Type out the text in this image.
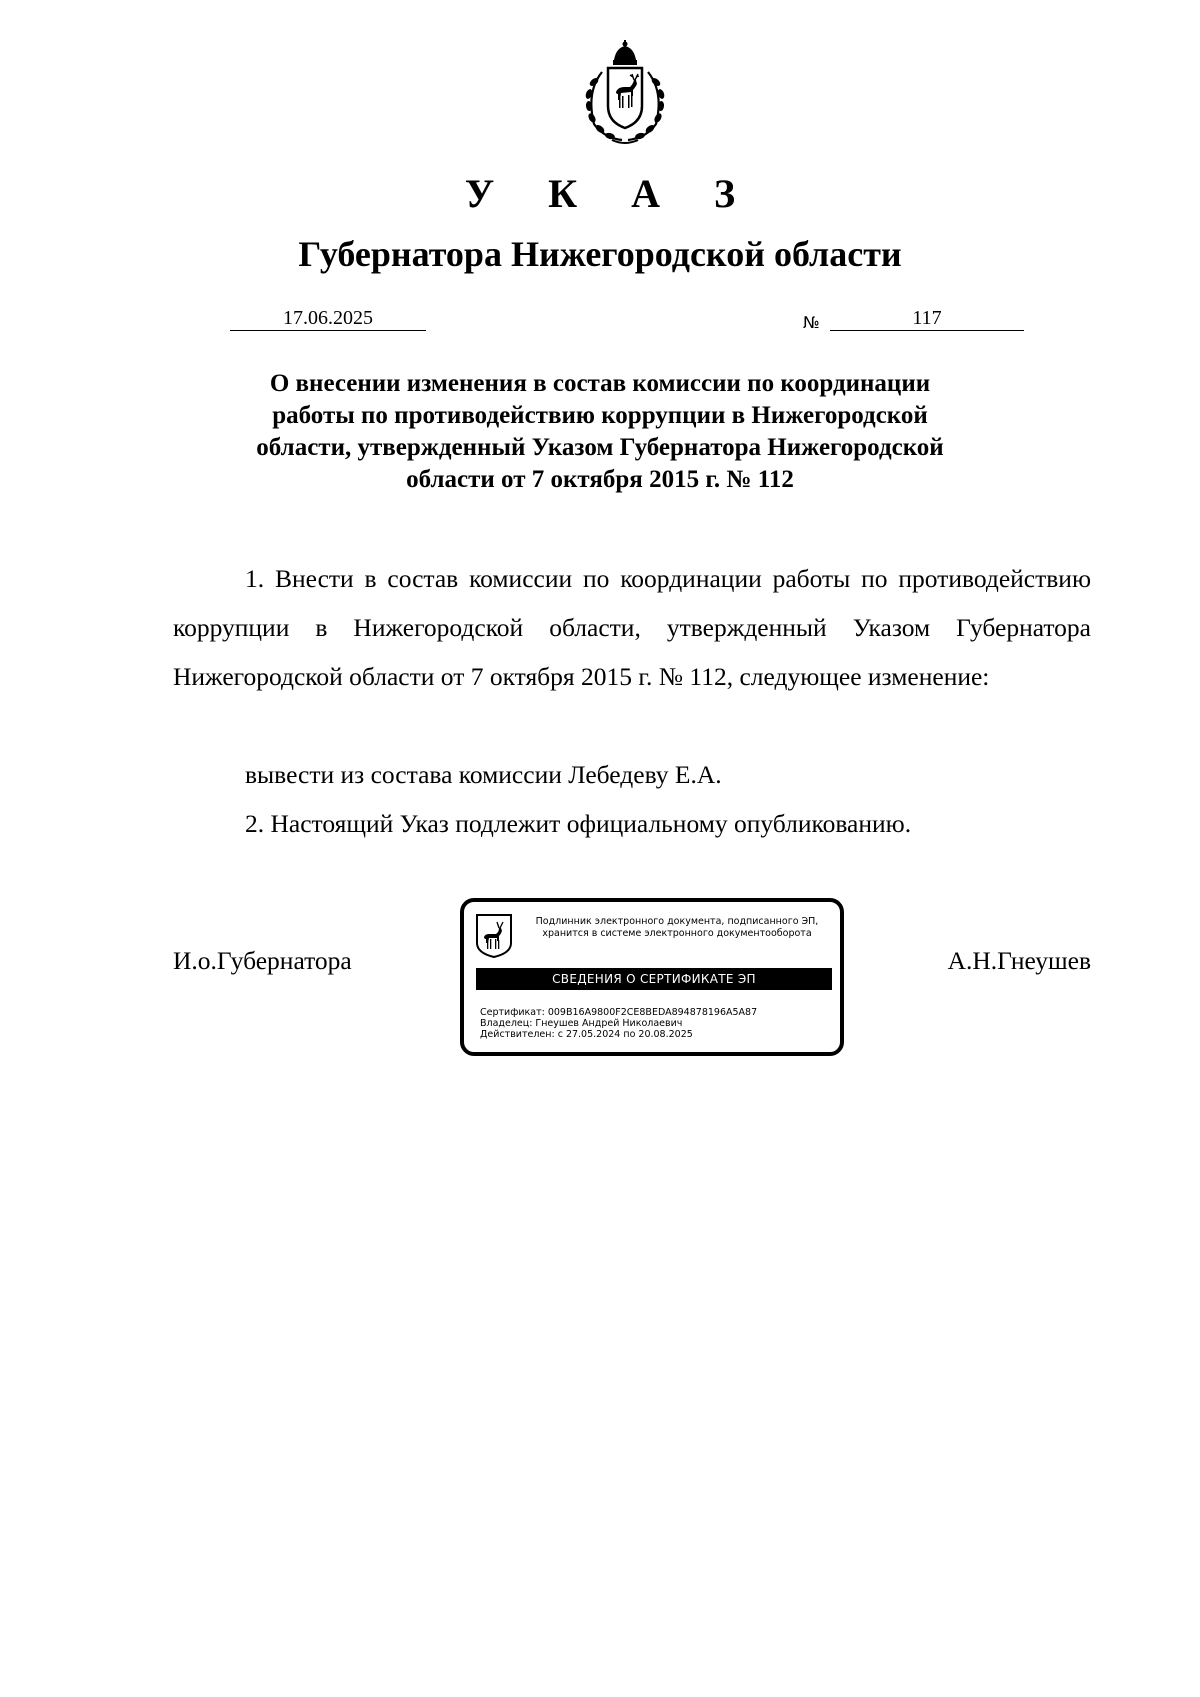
У К А З
Губернатора Нижегородской области
17.06.2025	№	117
О внесении изменения в состав комиссии по координации
работы по противодействию коррупции в Нижегородской
области, утвержденный Указом Губернатора Нижегородской
области от 7 октября 2015 г. № 112
1. Внести в состав комиссии по координации работы по противодействию коррупции в Нижегородской области, утвержденный Указом Губернатора Нижегородской области от 7 октября 2015 г. № 112, следующее изменение:
вывести из состава комиссии Лебедеву Е.А.
2. Настоящий Указ подлежит официальному опубликованию.
И.о.Губернатора	А.Н.Гнеушев
Подлинник электронного документа, подписанного ЭП,
хранится в системе электронного документооборота
СВЕДЕНИЯ О СЕРТИФИКАТЕ ЭП
Сертификат: 009B16A9800F2CE8BEDA894878196A5A87
Владелец: Гнеушев Андрей Николаевич
Действителен: с 27.05.2024 по 20.08.2025
